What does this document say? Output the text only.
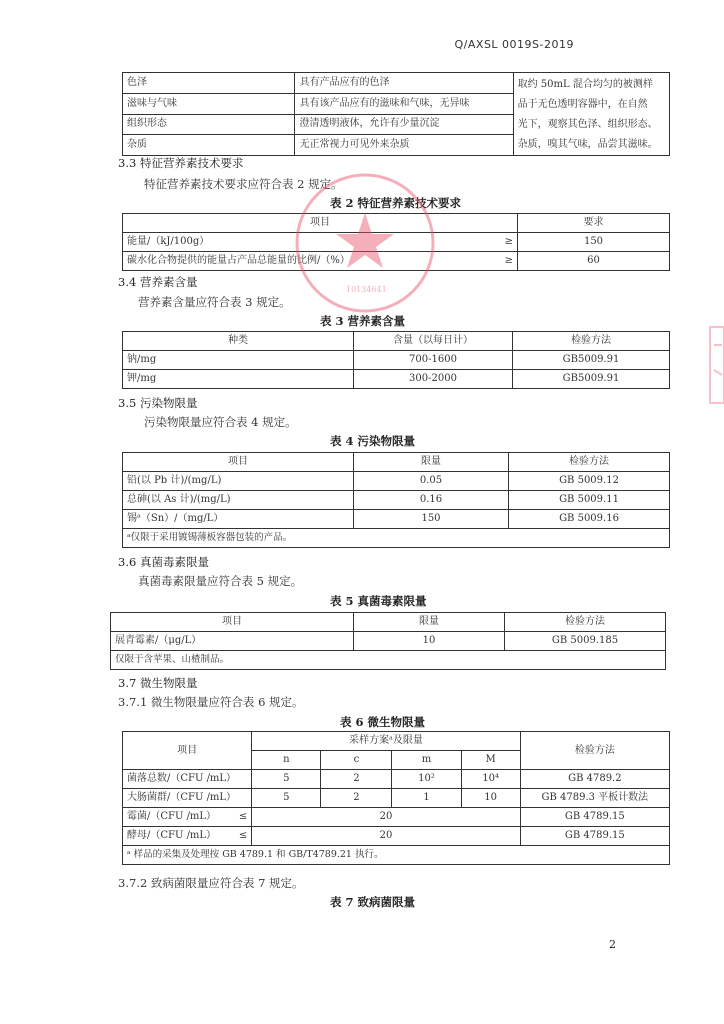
Q/AXSL 0019S-2019
色泽	具有产品应有的色泽	取约 50mL 混合均匀的被测样
品于无色透明容器中，在自然
光下，观察其色泽、组织形态、
杂质，嗅其气味，品尝其滋味。

滋味与气味	具有该产品应有的滋味和气味，无异味	
组织形态	澄清透明液体，允许有少量沉淀	
杂质	无正常视力可见外来杂质	
3.3 特征营养素技术要求
特征营养素技术要求应符合表 2 规定。
表 2 特征营养素技术要求
项目		要求
能量/（kJ/100g）	≥	150
碳水化合物提供的能量占产品总能量的比例/（%）	≥	60
3.4 营养素含量
营养素含量应符合表 3 规定。
表 3 营养素含量
种类	含量（以每日计）	检验方法
钠/mg	700-1600	GB5009.91
钾/mg	300-2000	GB5009.91
3.5 污染物限量
污染物限量应符合表 4 规定。
表 4 污染物限量
项目	限量	检验方法
铅(以 Pb 计)/(mg/L)	0.05	GB 5009.12
总砷(以 As 计)/(mg/L)	0.16	GB 5009.11
锡ᵃ（Sn）/（mg/L）	150	GB 5009.16
ᵃ仅限于采用镀锡薄板容器包装的产品。		
3.6 真菌毒素限量
真菌毒素限量应符合表 5 规定。
表 5 真菌毒素限量
项目	限量	检验方法
展青霉素/（μg/L）	10	GB 5009.185
仅限于含苹果、山楂制品。		
3.7 微生物限量
3.7.1 微生物限量应符合表 6 规定。
表 6 微生物限量
项目	采样方案ᵃ及限量				检验方法
	n	c	m	M	
菌落总数/（CFU /mL）	5	2	10²	10⁴	GB 4789.2
大肠菌群/（CFU /mL）	5	2	1	10	GB 4789.3 平板计数法
霉菌/（CFU /mL） ≤	20				GB 4789.15
酵母/（CFU /mL） ≤	20				GB 4789.15
ᵃ 样品的采集及处理按 GB 4789.1 和 GB/T4789.21 执行。					
3.7.2 致病菌限量应符合表 7 规定。
表 7 致病菌限量
2
10134641
